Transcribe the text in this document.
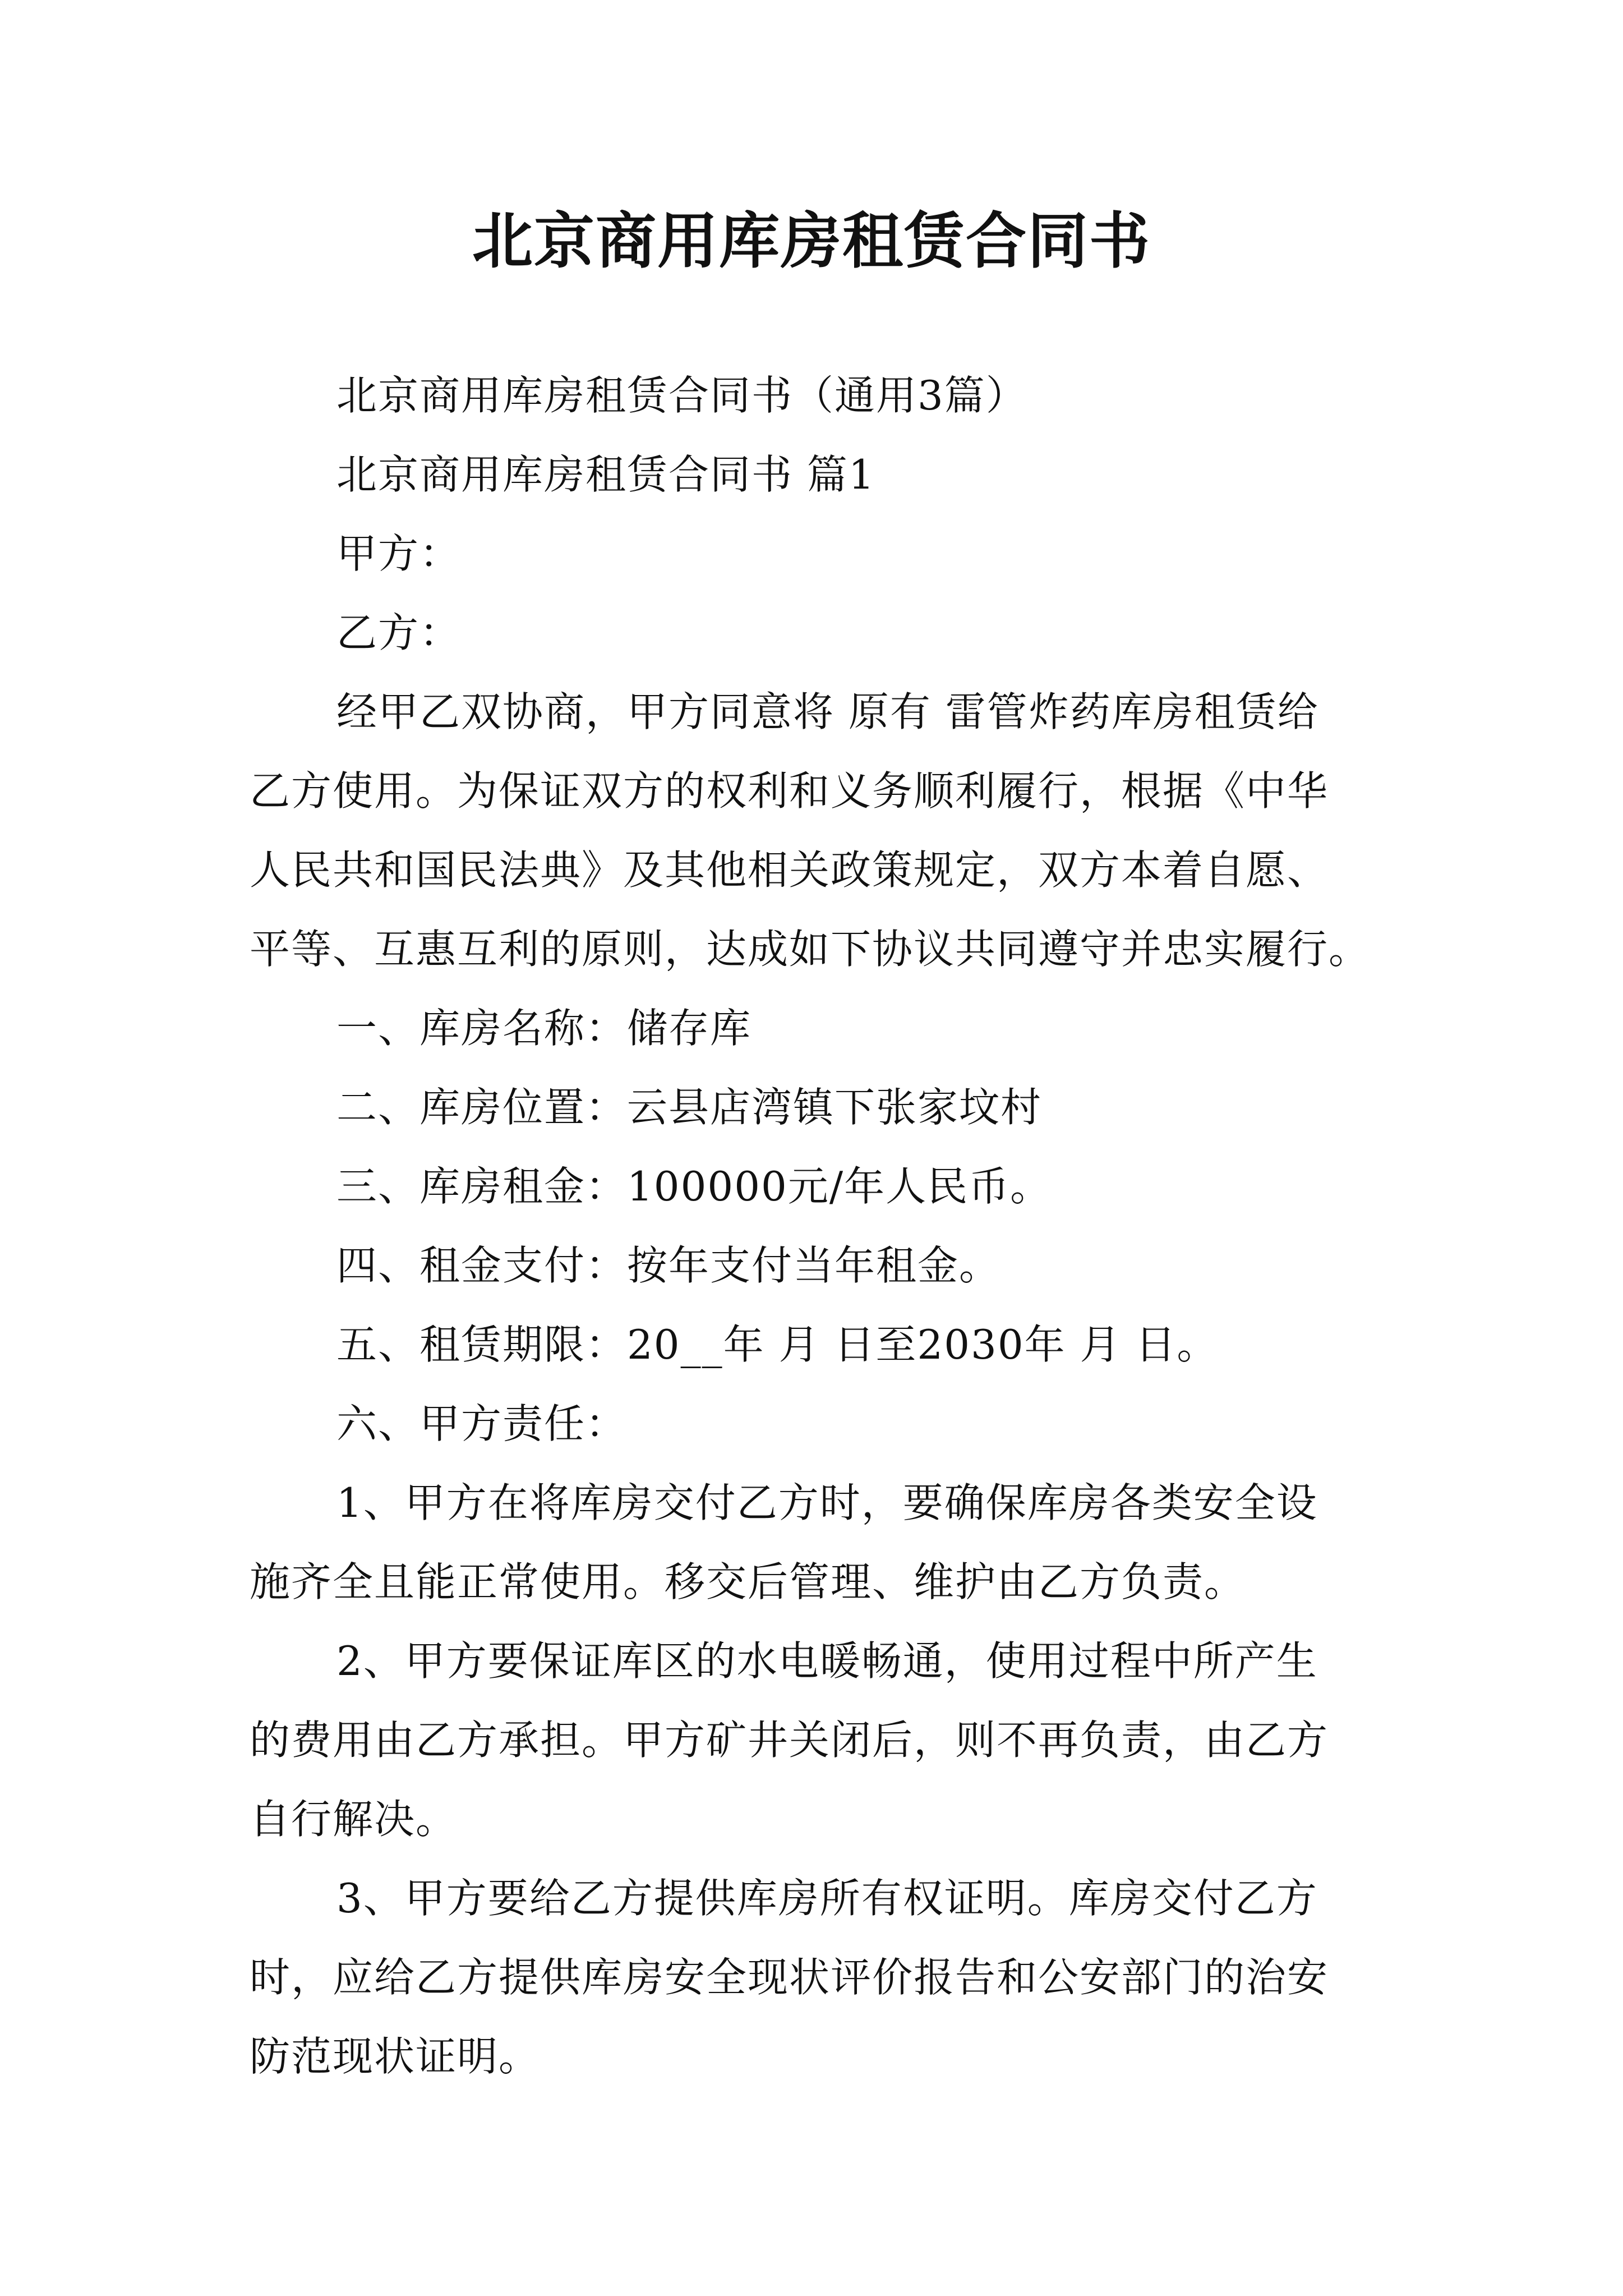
北京商用库房租赁合同书

北京商用库房租赁合同书（通用3篇）

北京商用库房租赁合同书 篇1

甲方：

乙方：

经甲乙双协商，甲方同意将 原有 雷管炸药库房租赁给
乙方使用。为保证双方的权利和义务顺利履行，根据《中华
人民共和国民法典》及其他相关政策规定，双方本着自愿、
平等、互惠互利的原则，达成如下协议共同遵守并忠实履行。

一、库房名称：储存库

二、库房位置：云县店湾镇下张家坟村

三、库房租金：100000元/年人民币。

四、租金支付：按年支付当年租金。

五、租赁期限：20__年 月 日至2030年 月 日。

六、甲方责任：

1、甲方在将库房交付乙方时，要确保库房各类安全设
施齐全且能正常使用。移交后管理、维护由乙方负责。
2、甲方要保证库区的水电暖畅通，使用过程中所产生
的费用由乙方承担。甲方矿井关闭后，则不再负责，由乙方
自行解决。
3、甲方要给乙方提供库房所有权证明。库房交付乙方
时，应给乙方提供库房安全现状评价报告和公安部门的治安
防范现状证明。
